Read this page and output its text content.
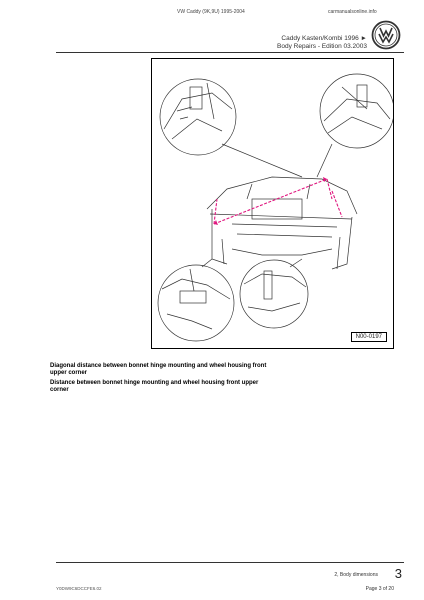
VW Caddy (9K,9U) 1995-2004	carmanualsonline.info
Caddy Kasten/Kombi 1996 ►
Body Repairs - Edition 03.2003
N00-0197
Diagonal distance between bonnet hinge mounting and wheel housing front upper corner
Distance between bonnet hinge mounting and wheel housing front upper corner
2, Body dimensions 3
Y0DW9C6DCCFE6.02	Page 3 of 20
